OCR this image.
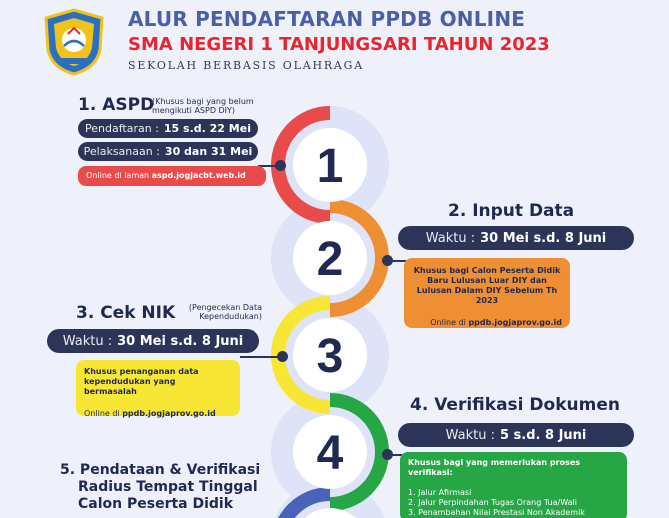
ALUR PENDAFTARAN PPDB ONLINE
SMA NEGERI 1 TANJUNGSARI TAHUN 2023
SEKOLAH BERBASIS OLAHRAGA
1
2
3
4
1. ASPD
(Khusus bagi yang belum mengikuti ASPD DIY)
Pendaftaran : 15 s.d. 22 Mei
Pelaksanaan : 30 dan 31 Mei
Online di laman aspd.jogjacbt.web.id
2. Input Data
Waktu : 30 Mei s.d. 8 Juni
Khusus bagi Calon Peserta Didik Baru Lulusan Luar DIY dan Lulusan Dalam DIY Sebelum Th 2023
Online di ppdb.jogjaprov.go.id
3. Cek NIK	(Pengecekan Data Kependudukan)
Waktu : 30 Mei s.d. 8 Juni
Khusus penanganan data kependudukan yang bermasalah
Online di ppdb.jogjaprov.go.id	4. Verifikasi Dokumen
Waktu : 5 s.d. 8 Juni
Khusus bagi yang memerlukan proses verifikasi:
1. Jalur Afirmasi
2. Jalur Perpindahan Tugas Orang Tua/Wali
3. Penambahan Nilai Prestasi Non Akademik
5. Pendataan & Verifikasi
Radius Tempat Tinggal
Calon Peserta Didik
